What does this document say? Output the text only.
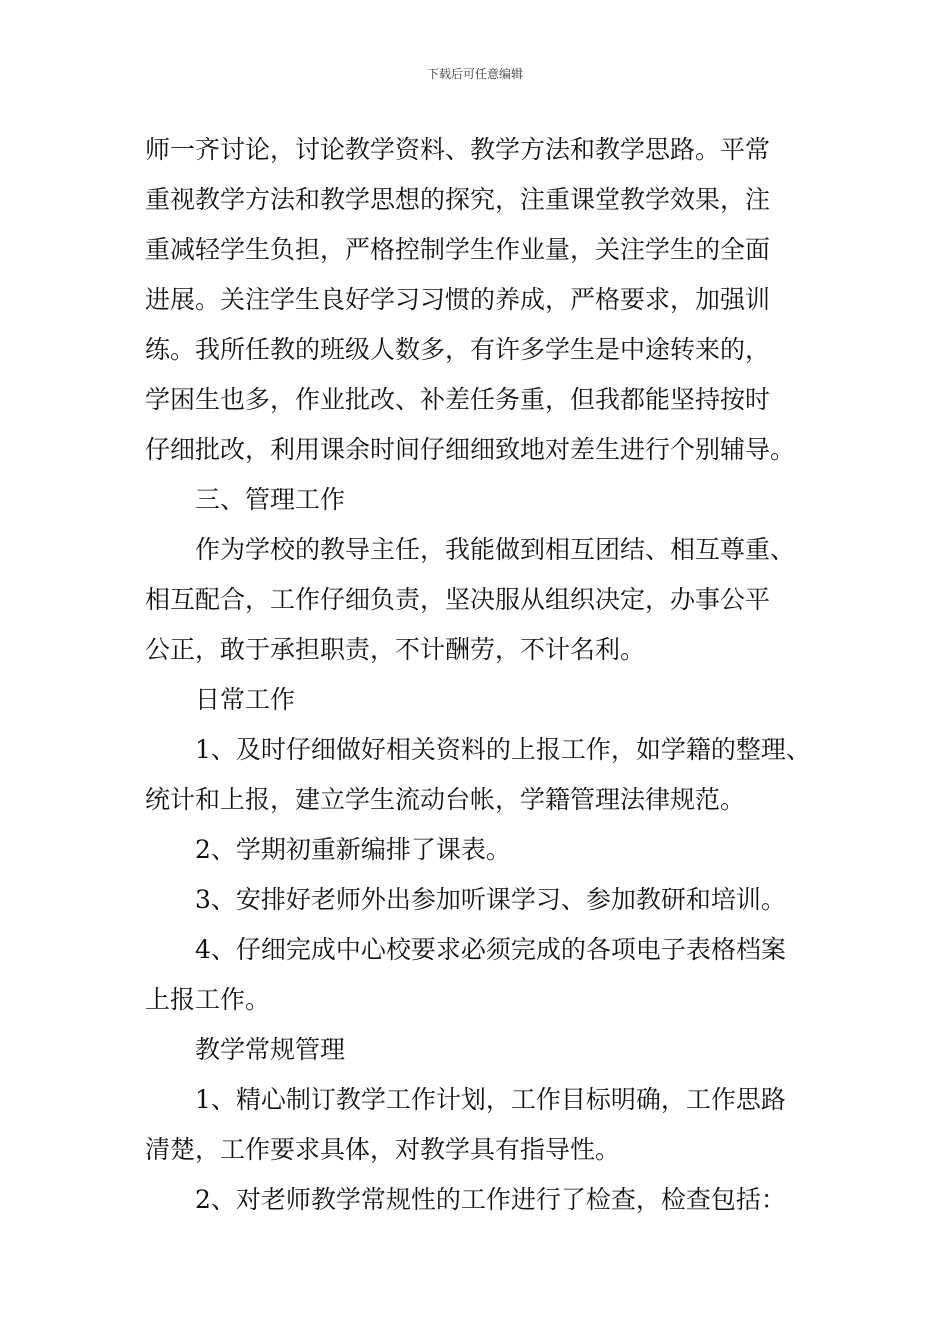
下载后可任意编辑
师一齐讨论，讨论教学资料、教学方法和教学思路。平常
重视教学方法和教学思想的探究，注重课堂教学效果，注
重减轻学生负担，严格控制学生作业量，关注学生的全面
进展。关注学生良好学习习惯的养成，严格要求，加强训
练。我所任教的班级人数多，有许多学生是中途转来的，
学困生也多，作业批改、补差任务重，但我都能坚持按时
仔细批改，利用课余时间仔细细致地对差生进行个别辅导。
三、管理工作
作为学校的教导主任，我能做到相互团结、相互尊重、
相互配合，工作仔细负责，坚决服从组织决定，办事公平
公正，敢于承担职责，不计酬劳，不计名利。
日常工作
1、及时仔细做好相关资料的上报工作，如学籍的整理、
统计和上报，建立学生流动台帐，学籍管理法律规范。
2、学期初重新编排了课表。
3、安排好老师外出参加听课学习、参加教研和培训。
4、仔细完成中心校要求必须完成的各项电子表格档案
上报工作。
教学常规管理
1、精心制订教学工作计划，工作目标明确，工作思路
清楚，工作要求具体，对教学具有指导性。
2、对老师教学常规性的工作进行了检查，检查包括：
